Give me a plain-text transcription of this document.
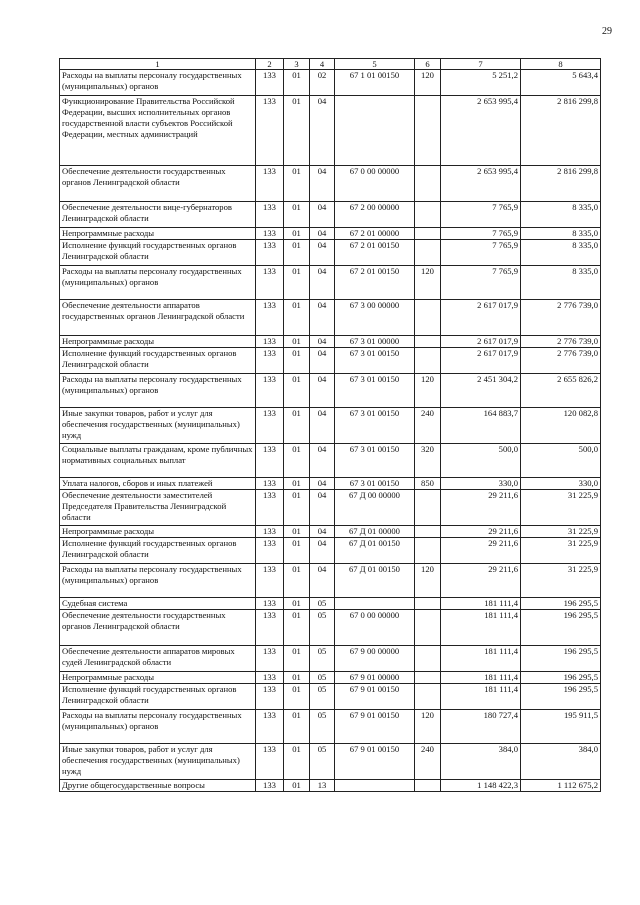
29
1	2	3	4	5	6	7	8
Расходы на выплаты персоналу государственных (муниципальных) органов	133	01	02	67 1 01 00150	120	5 251,2	5 643,4
Функционирование Правительства Российской Федерации, высших исполнительных органов государственной власти субъектов Российской Федерации, местных администраций	133	01	04			2 653 995,4	2 816 299,8
Обеспечение деятельности государственных органов Ленинградской области	133	01	04	67 0 00 00000		2 653 995,4	2 816 299,8
Обеспечение деятельности вице-губернаторов Ленинградской области	133	01	04	67 2 00 00000		7 765,9	8 335,0
Непрограммные расходы	133	01	04	67 2 01 00000		7 765,9	8 335,0
Исполнение функций государственных органов Ленинградской области	133	01	04	67 2 01 00150		7 765,9	8 335,0
Расходы на выплаты персоналу государственных (муниципальных) органов	133	01	04	67 2 01 00150	120	7 765,9	8 335,0
Обеспечение деятельности аппаратов государственных органов Ленинградской области	133	01	04	67 3 00 00000		2 617 017,9	2 776 739,0
Непрограммные расходы	133	01	04	67 3 01 00000		2 617 017,9	2 776 739,0
Исполнение функций государственных органов Ленинградской области	133	01	04	67 3 01 00150		2 617 017,9	2 776 739,0
Расходы на выплаты персоналу государственных (муниципальных) органов	133	01	04	67 3 01 00150	120	2 451 304,2	2 655 826,2
Иные закупки товаров, работ и услуг для обеспечения государственных (муниципальных) нужд	133	01	04	67 3 01 00150	240	164 883,7	120 082,8
Социальные выплаты гражданам, кроме публичных нормативных социальных выплат	133	01	04	67 3 01 00150	320	500,0	500,0
Уплата налогов, сборов и иных платежей	133	01	04	67 3 01 00150	850	330,0	330,0
Обеспечение деятельности заместителей Председателя Правительства Ленинградской области	133	01	04	67 Д 00 00000		29 211,6	31 225,9
Непрограммные расходы	133	01	04	67 Д 01 00000		29 211,6	31 225,9
Исполнение функций государственных органов Ленинградской области	133	01	04	67 Д 01 00150		29 211,6	31 225,9
Расходы на выплаты персоналу государственных (муниципальных) органов	133	01	04	67 Д 01 00150	120	29 211,6	31 225,9
Судебная система	133	01	05			181 111,4	196 295,5
Обеспечение деятельности государственных органов Ленинградской области	133	01	05	67 0 00 00000		181 111,4	196 295,5
Обеспечение деятельности аппаратов мировых судей Ленинградской области	133	01	05	67 9 00 00000		181 111,4	196 295,5
Непрограммные расходы	133	01	05	67 9 01 00000		181 111,4	196 295,5
Исполнение функций государственных органов Ленинградской области	133	01	05	67 9 01 00150		181 111,4	196 295,5
Расходы на выплаты персоналу государственных (муниципальных) органов	133	01	05	67 9 01 00150	120	180 727,4	195 911,5
Иные закупки товаров, работ и услуг для обеспечения государственных (муниципальных) нужд	133	01	05	67 9 01 00150	240	384,0	384,0
Другие общегосударственные вопросы	133	01	13			1 148 422,3	1 112 675,2
